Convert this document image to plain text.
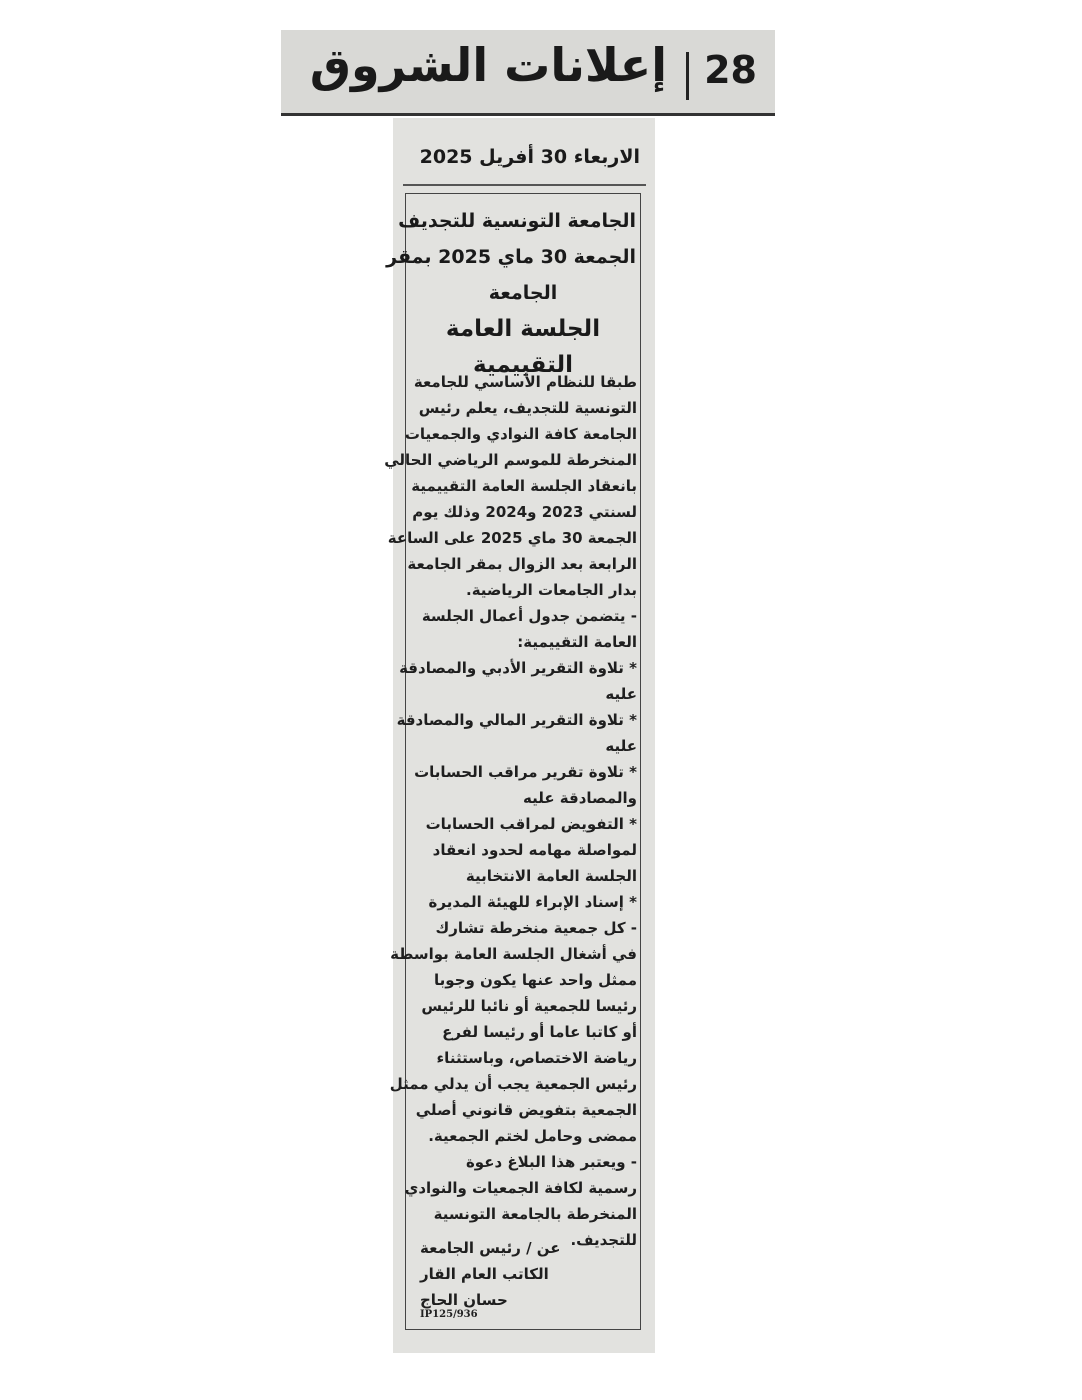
إعلانات الشروق 28
الاربعاء 30 أفريل 2025
الجامعة التونسية للتجديف
الجمعة 30 ماي 2025 بمقر
الجامعة
الجلسة العامة التقييمية
طبقا للنظام الأساسي للجامعة
التونسية للتجديف، يعلم رئيس
الجامعة كافة النوادي والجمعيات
المنخرطة للموسم الرياضي الحالي
بانعقاد الجلسة العامة التقييمية
لسنتي 2023 و2024 وذلك يوم
الجمعة 30 ماي 2025 على الساعة
الرابعة بعد الزوال بمقر الجامعة
بدار الجامعات الرياضية.
- يتضمن جدول أعمال الجلسة
العامة التقييمية:
* تلاوة التقرير الأدبي والمصادقة
عليه
* تلاوة التقرير المالي والمصادقة
عليه
* تلاوة تقرير مراقب الحسابات
والمصادقة عليه
* التفويض لمراقب الحسابات
لمواصلة مهامه لحدود انعقاد
الجلسة العامة الانتخابية
* إسناد الإبراء للهيئة المديرة
- كل جمعية منخرطة تشارك
في أشغال الجلسة العامة بواسطة
ممثل واحد عنها يكون وجوبا
رئيسا للجمعية أو نائبا للرئيس
أو كاتبا عاما أو رئيسا لفرع
رياضة الاختصاص، وباستثناء
رئيس الجمعية يجب أن يدلي ممثل
الجمعية بتفويض قانوني أصلي
ممضى وحامل لختم الجمعية.
- ويعتبر هذا البلاغ دعوة
رسمية لكافة الجمعيات والنوادي
المنخرطة بالجامعة التونسية
للتجديف.
عن / رئيس الجامعة
الكاتب العام القار
حسان الحاج
IP125/936
